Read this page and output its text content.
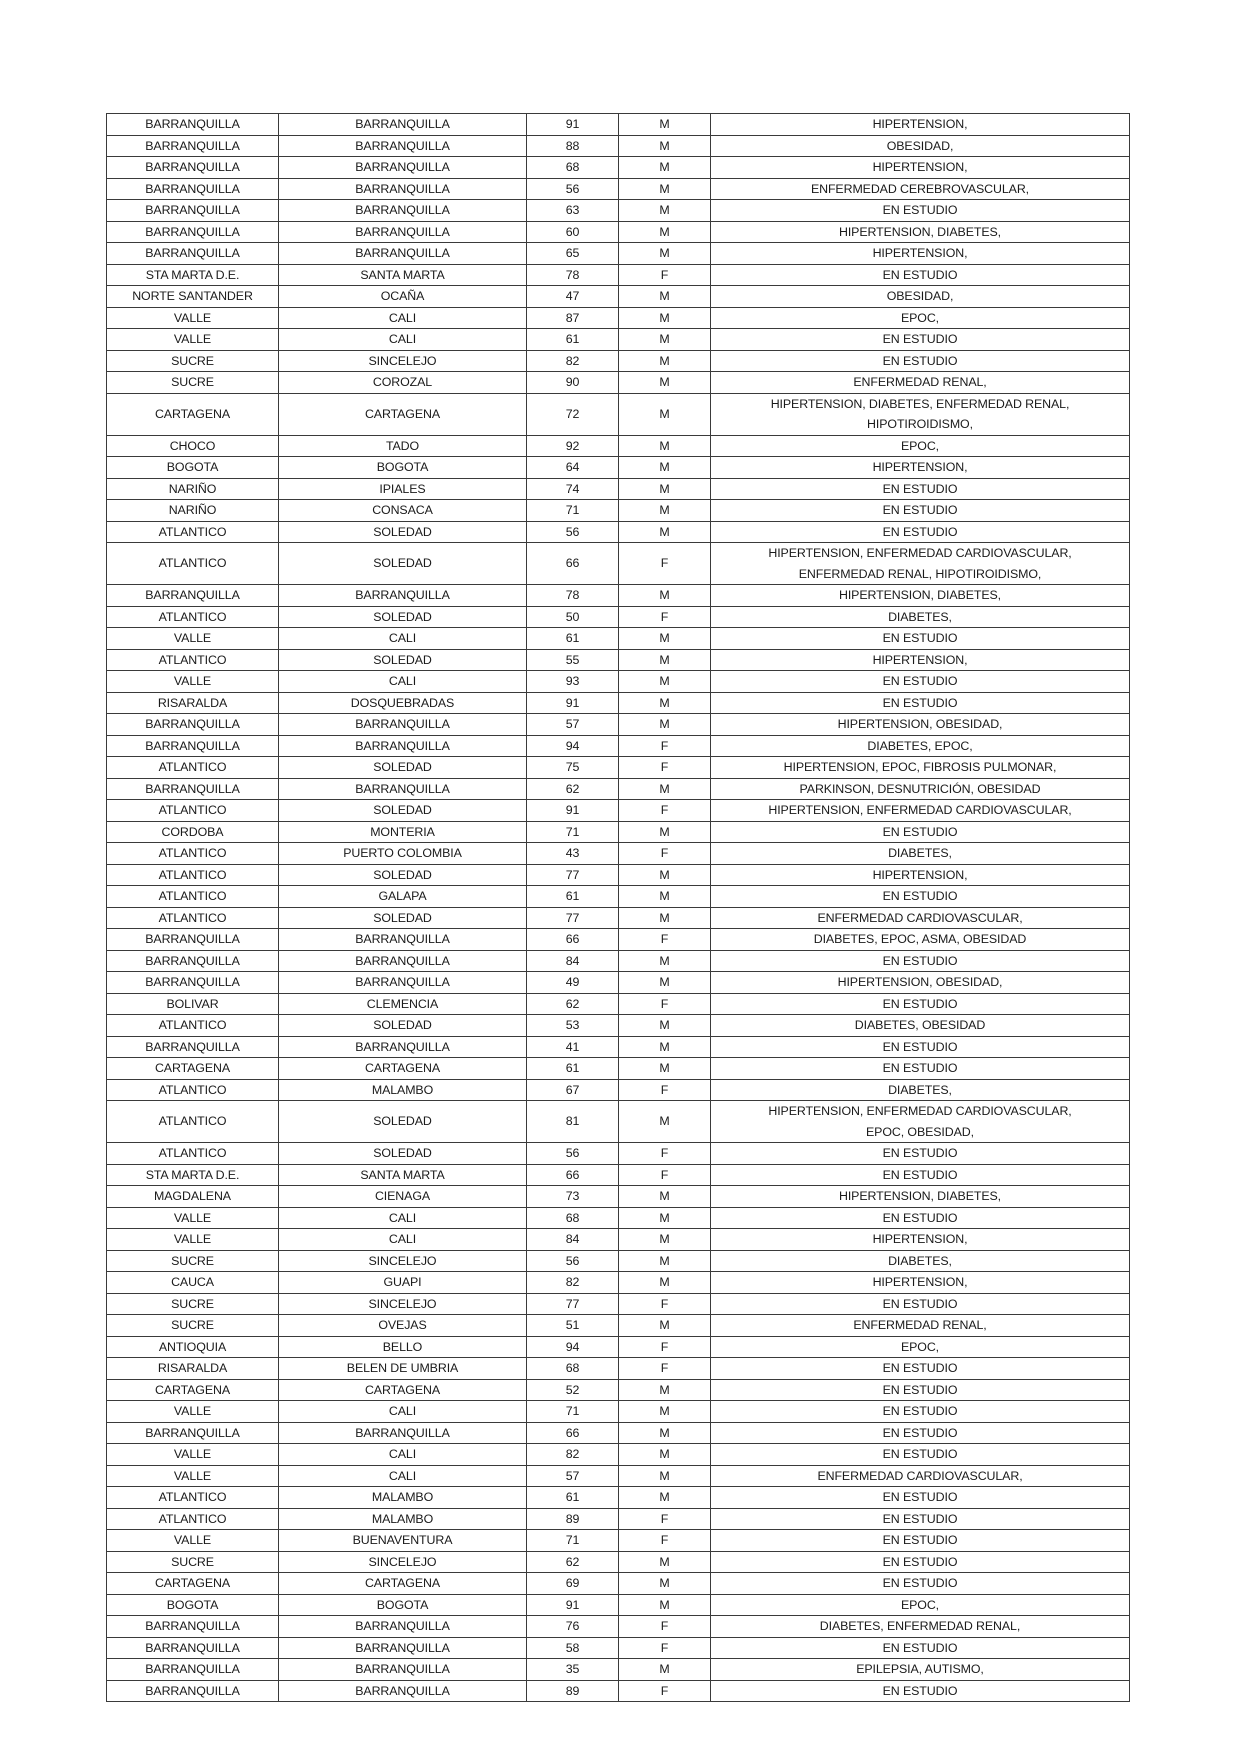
BARRANQUILLA	BARRANQUILLA	91	M	HIPERTENSION,
BARRANQUILLA	BARRANQUILLA	88	M	OBESIDAD,
BARRANQUILLA	BARRANQUILLA	68	M	HIPERTENSION,
BARRANQUILLA	BARRANQUILLA	56	M	ENFERMEDAD CEREBROVASCULAR,
BARRANQUILLA	BARRANQUILLA	63	M	EN ESTUDIO
BARRANQUILLA	BARRANQUILLA	60	M	HIPERTENSION, DIABETES,
BARRANQUILLA	BARRANQUILLA	65	M	HIPERTENSION,
STA MARTA D.E.	SANTA MARTA	78	F	EN ESTUDIO
NORTE SANTANDER	OCAÑA	47	M	OBESIDAD,
VALLE	CALI	87	M	EPOC,
VALLE	CALI	61	M	EN ESTUDIO
SUCRE	SINCELEJO	82	M	EN ESTUDIO
SUCRE	COROZAL	90	M	ENFERMEDAD RENAL,
CARTAGENA	CARTAGENA	72	M	HIPERTENSION, DIABETES, ENFERMEDAD RENAL, HIPOTIROIDISMO,
CHOCO	TADO	92	M	EPOC,
BOGOTA	BOGOTA	64	M	HIPERTENSION,
NARIÑO	IPIALES	74	M	EN ESTUDIO
NARIÑO	CONSACA	71	M	EN ESTUDIO
ATLANTICO	SOLEDAD	56	M	EN ESTUDIO
ATLANTICO	SOLEDAD	66	F	HIPERTENSION, ENFERMEDAD CARDIOVASCULAR, ENFERMEDAD RENAL, HIPOTIROIDISMO,
BARRANQUILLA	BARRANQUILLA	78	M	HIPERTENSION, DIABETES,
ATLANTICO	SOLEDAD	50	F	DIABETES,
VALLE	CALI	61	M	EN ESTUDIO
ATLANTICO	SOLEDAD	55	M	HIPERTENSION,
VALLE	CALI	93	M	EN ESTUDIO
RISARALDA	DOSQUEBRADAS	91	M	EN ESTUDIO
BARRANQUILLA	BARRANQUILLA	57	M	HIPERTENSION, OBESIDAD,
BARRANQUILLA	BARRANQUILLA	94	F	DIABETES, EPOC,
ATLANTICO	SOLEDAD	75	F	HIPERTENSION, EPOC, FIBROSIS PULMONAR,
BARRANQUILLA	BARRANQUILLA	62	M	PARKINSON, DESNUTRICIÓN, OBESIDAD
ATLANTICO	SOLEDAD	91	F	HIPERTENSION, ENFERMEDAD CARDIOVASCULAR,
CORDOBA	MONTERIA	71	M	EN ESTUDIO
ATLANTICO	PUERTO COLOMBIA	43	F	DIABETES,
ATLANTICO	SOLEDAD	77	M	HIPERTENSION,
ATLANTICO	GALAPA	61	M	EN ESTUDIO
ATLANTICO	SOLEDAD	77	M	ENFERMEDAD CARDIOVASCULAR,
BARRANQUILLA	BARRANQUILLA	66	F	DIABETES, EPOC, ASMA, OBESIDAD
BARRANQUILLA	BARRANQUILLA	84	M	EN ESTUDIO
BARRANQUILLA	BARRANQUILLA	49	M	HIPERTENSION, OBESIDAD,
BOLIVAR	CLEMENCIA	62	F	EN ESTUDIO
ATLANTICO	SOLEDAD	53	M	DIABETES, OBESIDAD
BARRANQUILLA	BARRANQUILLA	41	M	EN ESTUDIO
CARTAGENA	CARTAGENA	61	M	EN ESTUDIO
ATLANTICO	MALAMBO	67	F	DIABETES,
ATLANTICO	SOLEDAD	81	M	HIPERTENSION, ENFERMEDAD CARDIOVASCULAR, EPOC, OBESIDAD,
ATLANTICO	SOLEDAD	56	F	EN ESTUDIO
STA MARTA D.E.	SANTA MARTA	66	F	EN ESTUDIO
MAGDALENA	CIENAGA	73	M	HIPERTENSION, DIABETES,
VALLE	CALI	68	M	EN ESTUDIO
VALLE	CALI	84	M	HIPERTENSION,
SUCRE	SINCELEJO	56	M	DIABETES,
CAUCA	GUAPI	82	M	HIPERTENSION,
SUCRE	SINCELEJO	77	F	EN ESTUDIO
SUCRE	OVEJAS	51	M	ENFERMEDAD RENAL,
ANTIOQUIA	BELLO	94	F	EPOC,
RISARALDA	BELEN DE UMBRIA	68	F	EN ESTUDIO
CARTAGENA	CARTAGENA	52	M	EN ESTUDIO
VALLE	CALI	71	M	EN ESTUDIO
BARRANQUILLA	BARRANQUILLA	66	M	EN ESTUDIO
VALLE	CALI	82	M	EN ESTUDIO
VALLE	CALI	57	M	ENFERMEDAD CARDIOVASCULAR,
ATLANTICO	MALAMBO	61	M	EN ESTUDIO
ATLANTICO	MALAMBO	89	F	EN ESTUDIO
VALLE	BUENAVENTURA	71	F	EN ESTUDIO
SUCRE	SINCELEJO	62	M	EN ESTUDIO
CARTAGENA	CARTAGENA	69	M	EN ESTUDIO
BOGOTA	BOGOTA	91	M	EPOC,
BARRANQUILLA	BARRANQUILLA	76	F	DIABETES, ENFERMEDAD RENAL,
BARRANQUILLA	BARRANQUILLA	58	F	EN ESTUDIO
BARRANQUILLA	BARRANQUILLA	35	M	EPILEPSIA, AUTISMO,
BARRANQUILLA	BARRANQUILLA	89	F	EN ESTUDIO
